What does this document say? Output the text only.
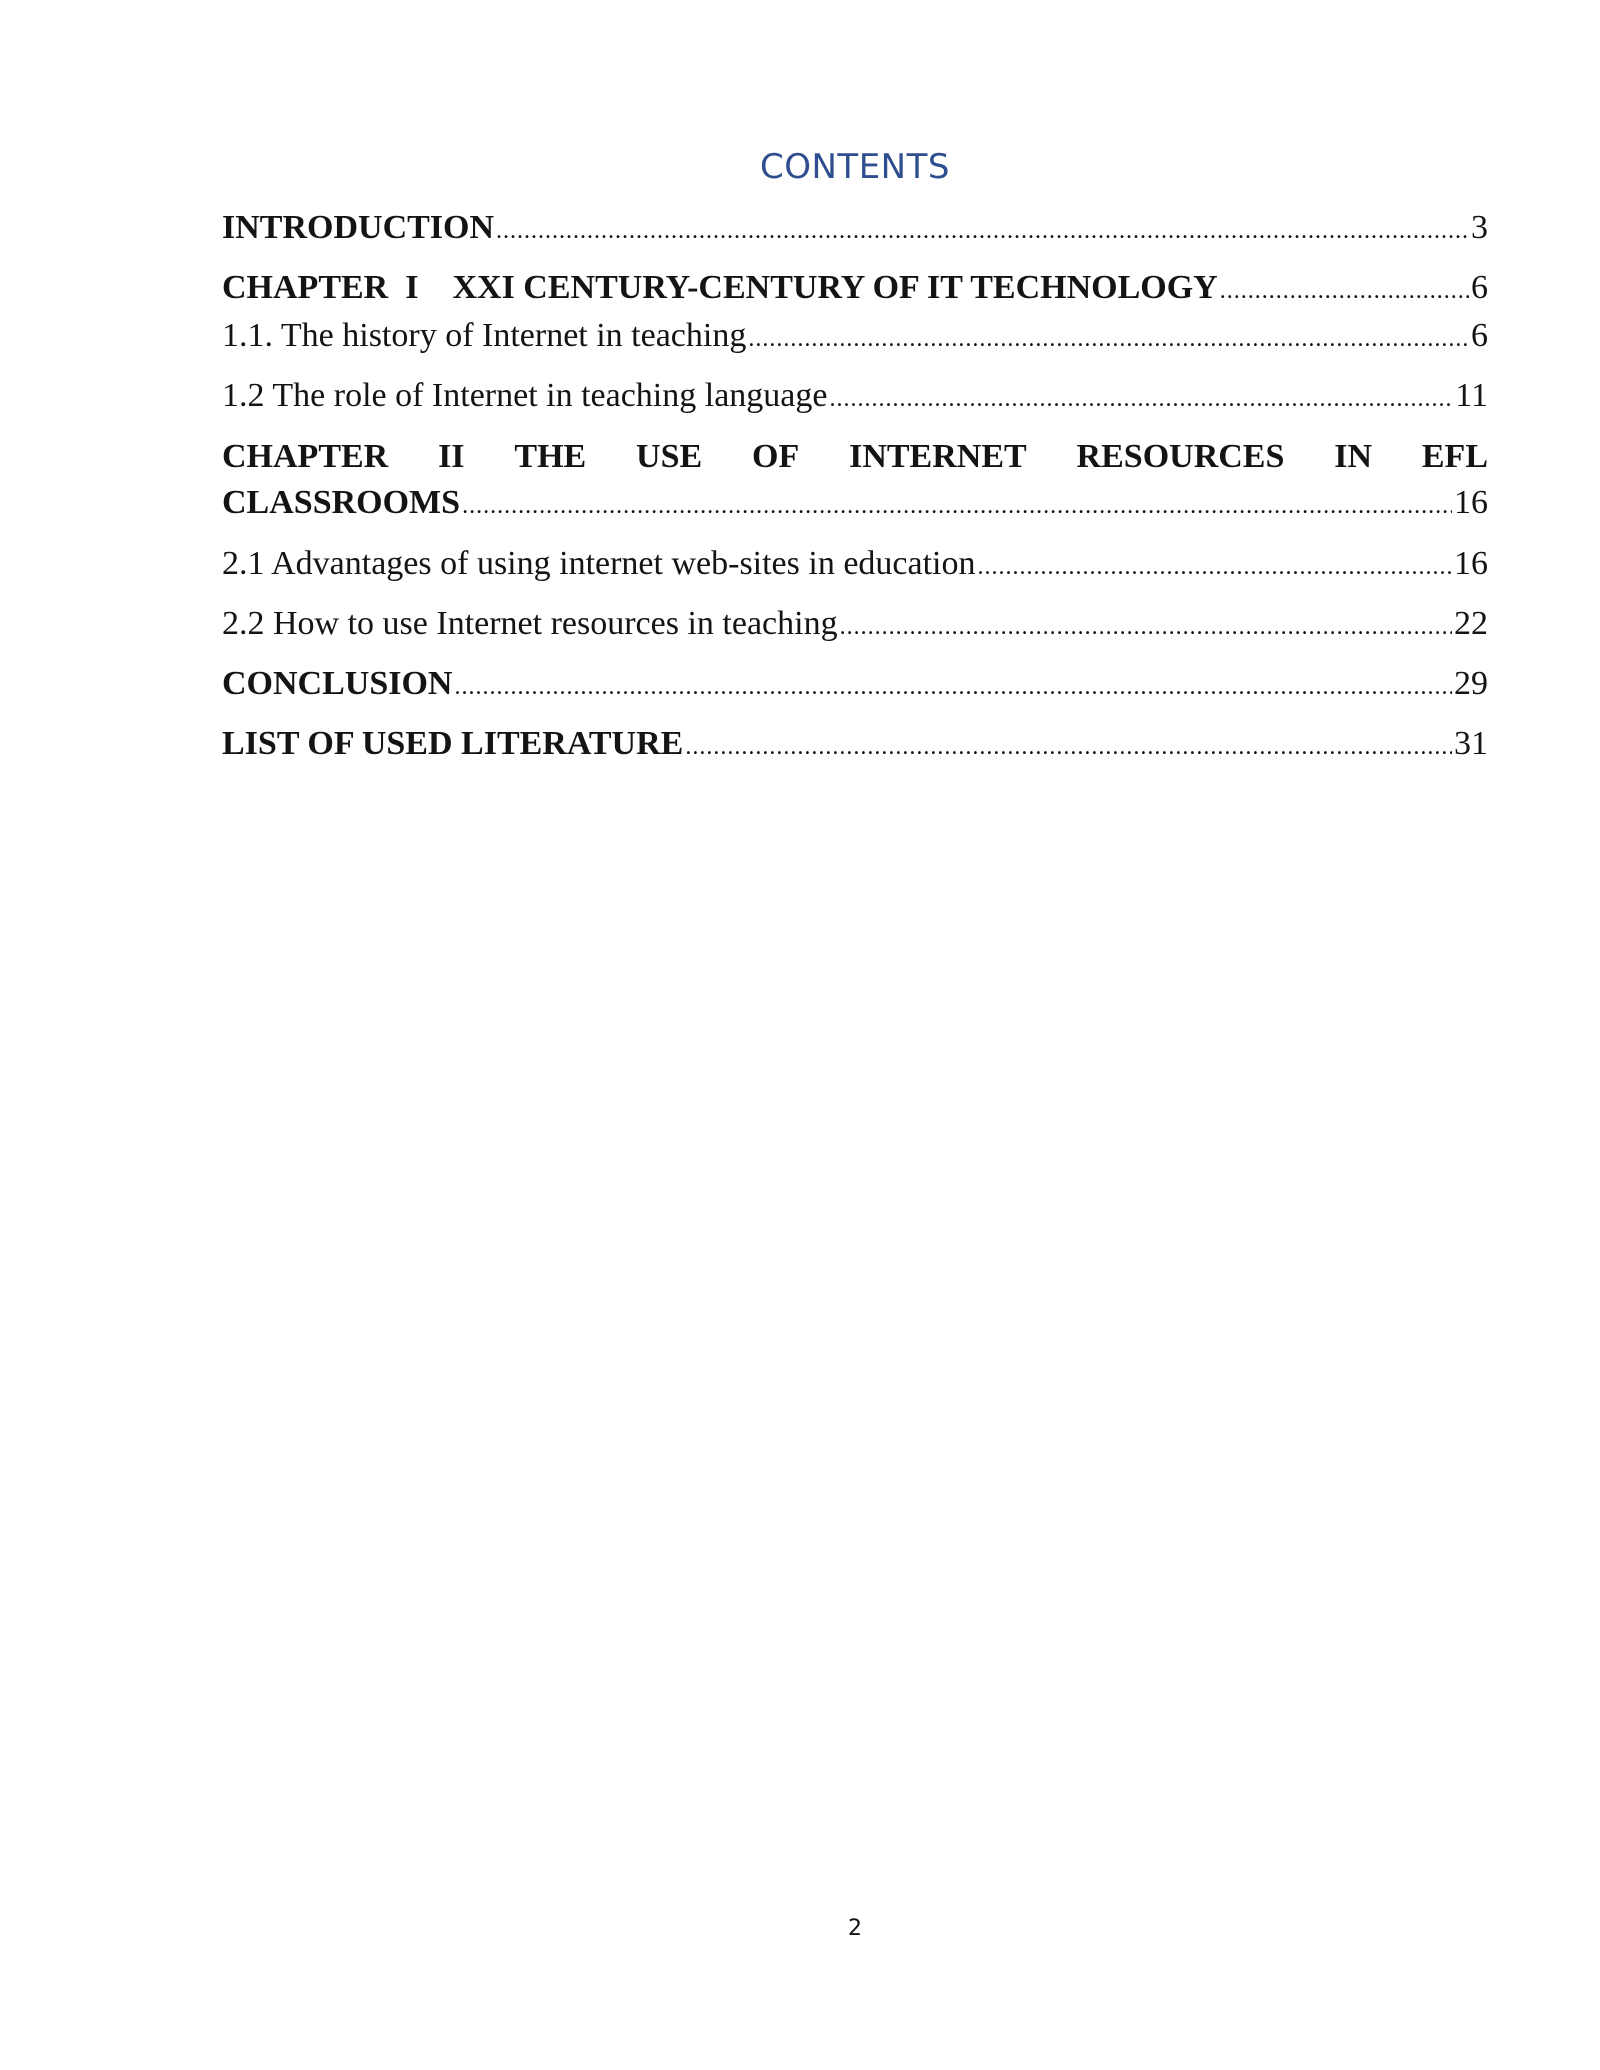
CONTENTS
INTRODUCTION .....	3
CHAPTER  I    XXI CENTURY-CENTURY OF IT TECHNOLOGY .....	6
1.1. The history of Internet in teaching .....	6
1.2 The role of Internet in teaching language .....	11
CHAPTER II THE USE OF INTERNET RESOURCES IN EFL
CLASSROOMS .....	16
2.1 Advantages of using internet web-sites in education .....	16
2.2 How to use Internet resources in teaching .....	22
CONCLUSION .....	29
LIST OF USED LITERATURE .....	31
2
